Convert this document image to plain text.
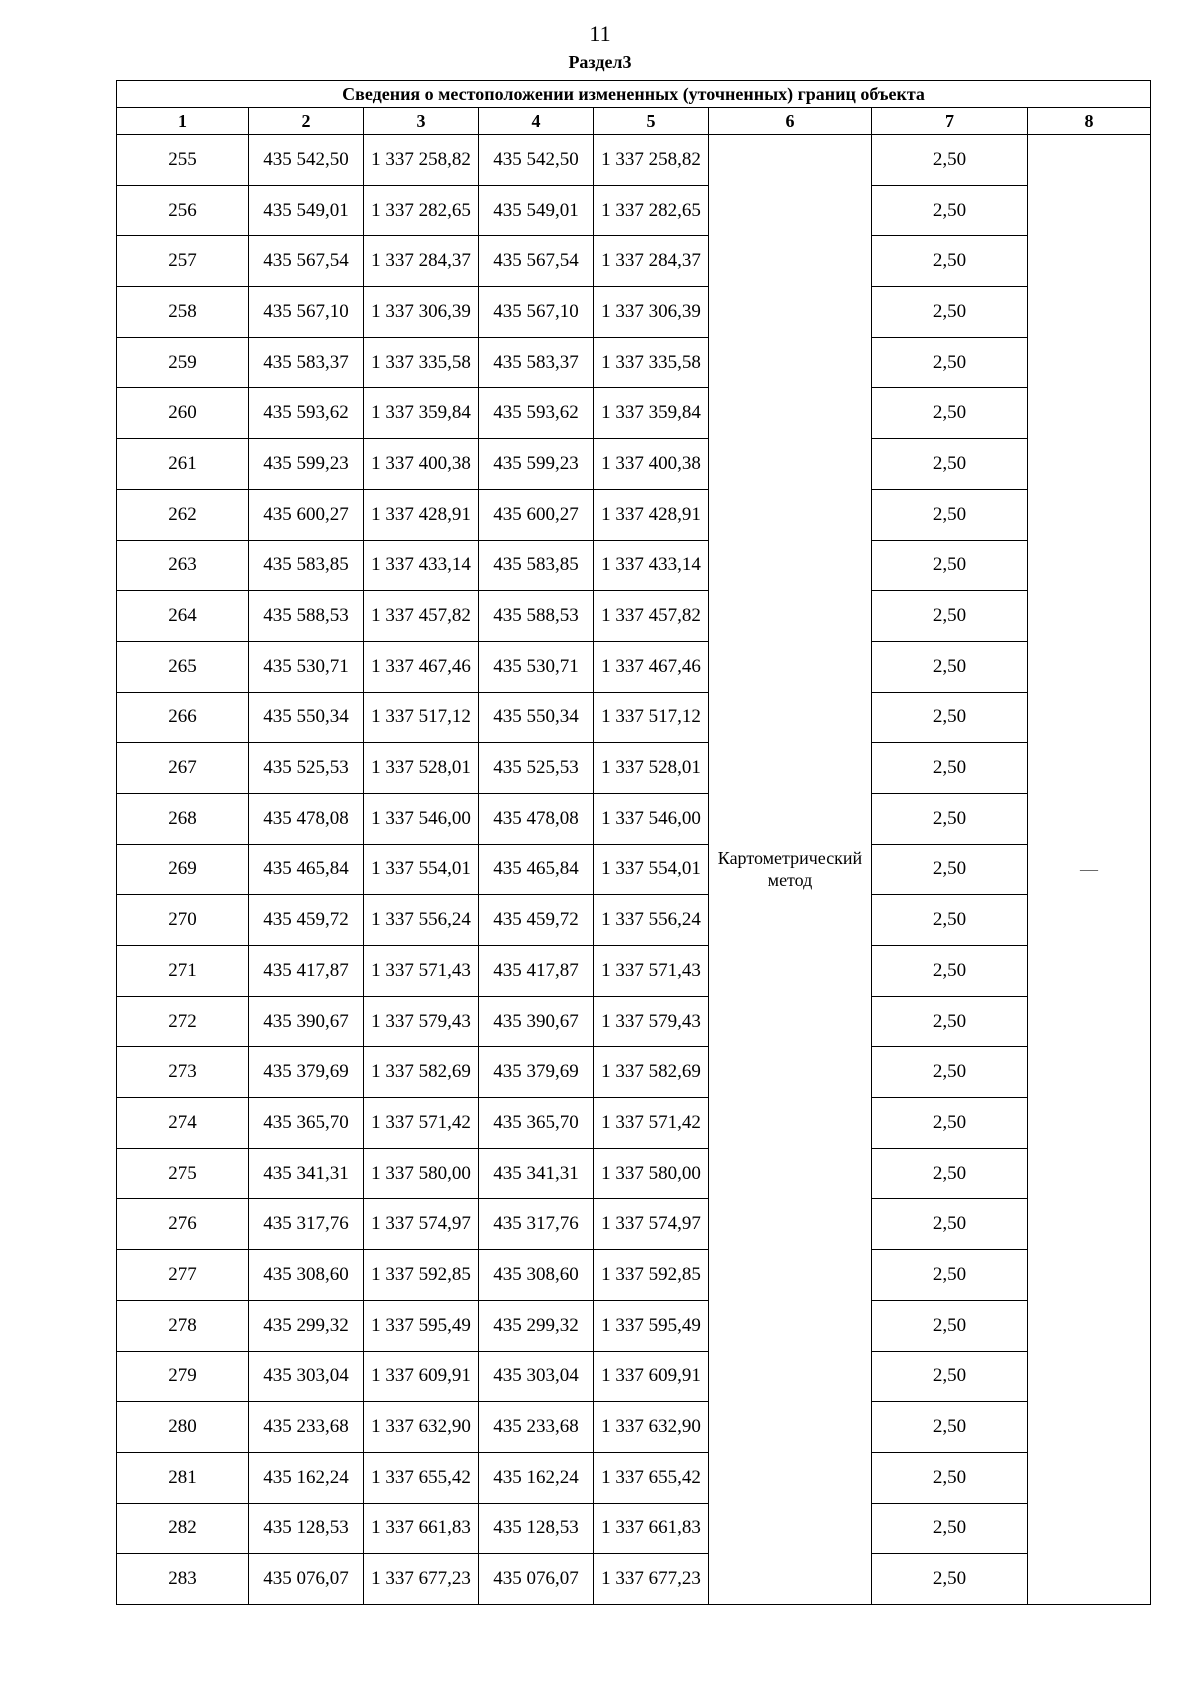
11
Раздел3
Сведения о местоположении измененных (уточненных) границ объекта							
1	2	3	4	5	6	7	8
255	435 542,50	1 337 258,82	435 542,50	1 337 258,82	Картометрический метод	2,50	—
256	435 549,01	1 337 282,65	435 549,01	1 337 282,65		2,50	
257	435 567,54	1 337 284,37	435 567,54	1 337 284,37		2,50	
258	435 567,10	1 337 306,39	435 567,10	1 337 306,39		2,50	
259	435 583,37	1 337 335,58	435 583,37	1 337 335,58		2,50	
260	435 593,62	1 337 359,84	435 593,62	1 337 359,84		2,50	
261	435 599,23	1 337 400,38	435 599,23	1 337 400,38		2,50	
262	435 600,27	1 337 428,91	435 600,27	1 337 428,91		2,50	
263	435 583,85	1 337 433,14	435 583,85	1 337 433,14		2,50	
264	435 588,53	1 337 457,82	435 588,53	1 337 457,82		2,50	
265	435 530,71	1 337 467,46	435 530,71	1 337 467,46		2,50	
266	435 550,34	1 337 517,12	435 550,34	1 337 517,12		2,50	
267	435 525,53	1 337 528,01	435 525,53	1 337 528,01		2,50	
268	435 478,08	1 337 546,00	435 478,08	1 337 546,00		2,50	
269	435 465,84	1 337 554,01	435 465,84	1 337 554,01		2,50	
270	435 459,72	1 337 556,24	435 459,72	1 337 556,24		2,50	
271	435 417,87	1 337 571,43	435 417,87	1 337 571,43		2,50	
272	435 390,67	1 337 579,43	435 390,67	1 337 579,43		2,50	
273	435 379,69	1 337 582,69	435 379,69	1 337 582,69		2,50	
274	435 365,70	1 337 571,42	435 365,70	1 337 571,42		2,50	
275	435 341,31	1 337 580,00	435 341,31	1 337 580,00		2,50	
276	435 317,76	1 337 574,97	435 317,76	1 337 574,97		2,50	
277	435 308,60	1 337 592,85	435 308,60	1 337 592,85		2,50	
278	435 299,32	1 337 595,49	435 299,32	1 337 595,49		2,50	
279	435 303,04	1 337 609,91	435 303,04	1 337 609,91		2,50	
280	435 233,68	1 337 632,90	435 233,68	1 337 632,90		2,50	
281	435 162,24	1 337 655,42	435 162,24	1 337 655,42		2,50	
282	435 128,53	1 337 661,83	435 128,53	1 337 661,83		2,50	
283	435 076,07	1 337 677,23	435 076,07	1 337 677,23		2,50	
